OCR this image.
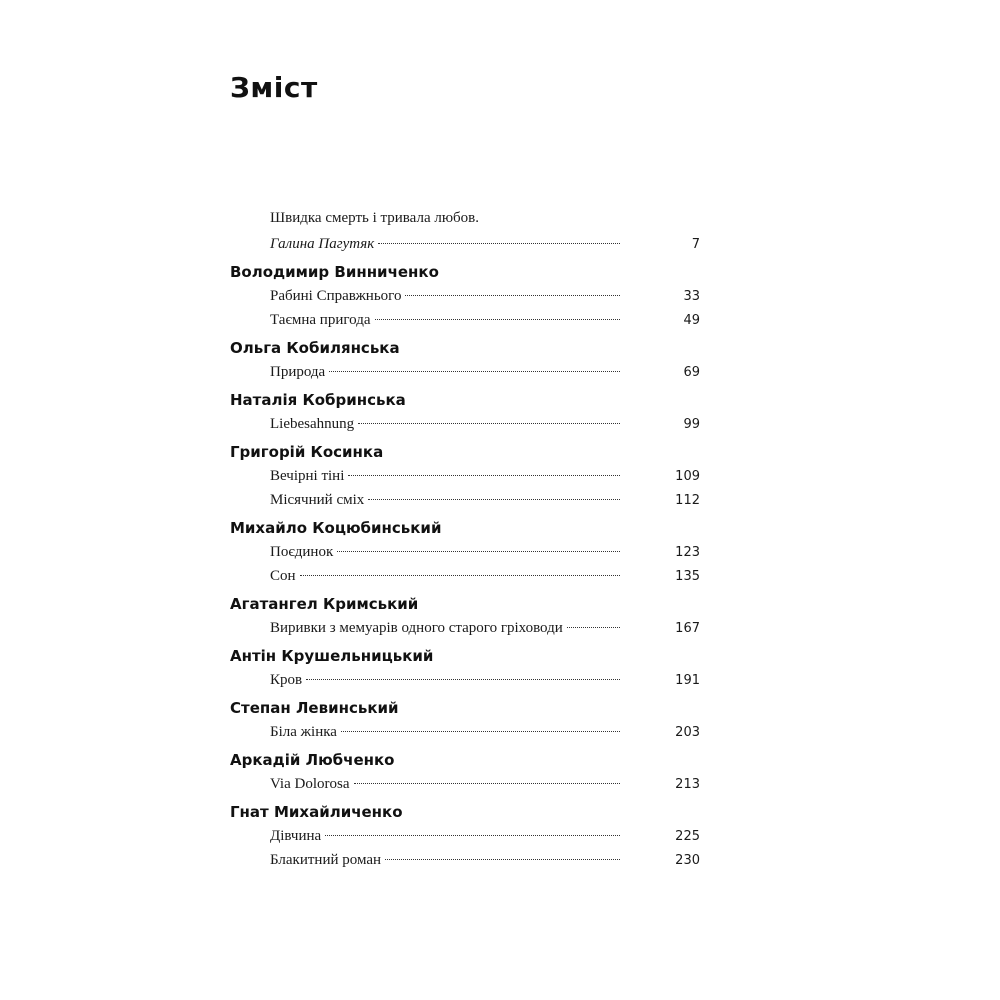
Зміст
Швидка смерть і тривала любов.
Галина Пагутяк	7
Володимир Винниченко
Рабині Справжнього	33
Таємна пригода	49
Ольга Кобилянська
Природа	69
Наталія Кобринська
Liebesahnung	99
Григорій Косинка
Вечірні тіні	109
Місячний сміх	112
Михайло Коцюбинський
Поєдинок	123
Сон	135
Агатангел Кримський
Виривки з мемуарів одного старого гріховоди	167
Антін Крушельницький
Кров	191
Степан Левинський
Біла жінка	203
Аркадій Любченко
Via Dolorosa	213
Гнат Михайличенко
Дівчина	225
Блакитний роман	230
